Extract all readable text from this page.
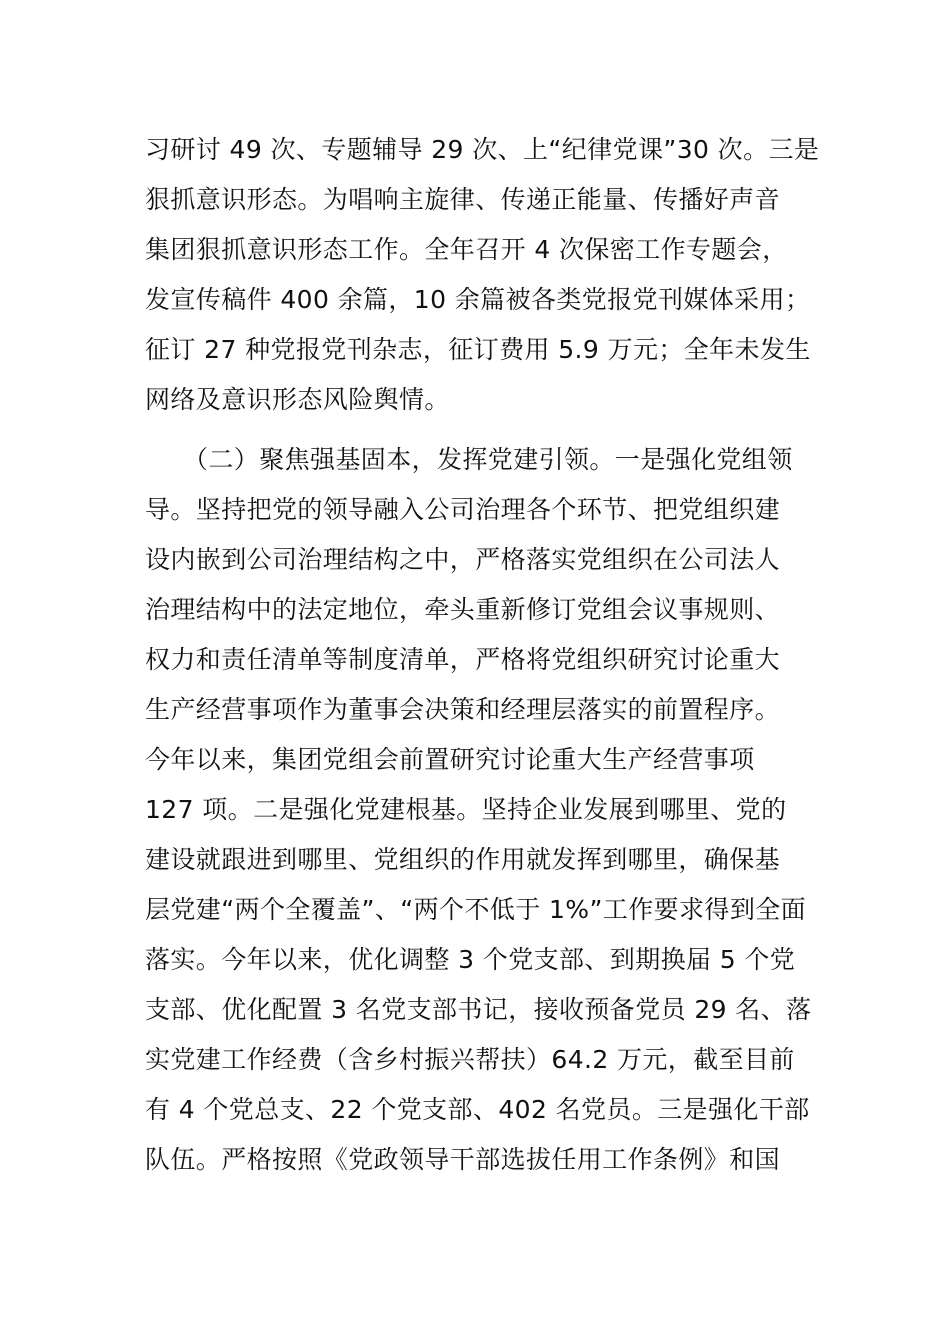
习研讨 49 次、专题辅导 29 次、上“纪律党课”30 次。三是
狠抓意识形态。为唱响主旋律、传递正能量、传播好声音
集团狠抓意识形态工作。全年召开 4 次保密工作专题会，
发宣传稿件 400 余篇，10 余篇被各类党报党刊媒体采用；
征订 27 种党报党刊杂志，征订费用 5.9 万元；全年未发生
网络及意识形态风险舆情。
（二）聚焦强基固本，发挥党建引领。一是强化党组领
导。坚持把党的领导融入公司治理各个环节、把党组织建
设内嵌到公司治理结构之中，严格落实党组织在公司法人
治理结构中的法定地位，牵头重新修订党组会议事规则、
权力和责任清单等制度清单，严格将党组织研究讨论重大
生产经营事项作为董事会决策和经理层落实的前置程序。
今年以来，集团党组会前置研究讨论重大生产经营事项
127 项。二是强化党建根基。坚持企业发展到哪里、党的
建设就跟进到哪里、党组织的作用就发挥到哪里，确保基
层党建“两个全覆盖”、“两个不低于 1%”工作要求得到全面
落实。今年以来，优化调整 3 个党支部、到期换届 5 个党
支部、优化配置 3 名党支部书记，接收预备党员 29 名、落
实党建工作经费（含乡村振兴帮扶）64.2 万元，截至目前
有 4 个党总支、22 个党支部、402 名党员。三是强化干部
队伍。严格按照《党政领导干部选拔任用工作条例》和国
